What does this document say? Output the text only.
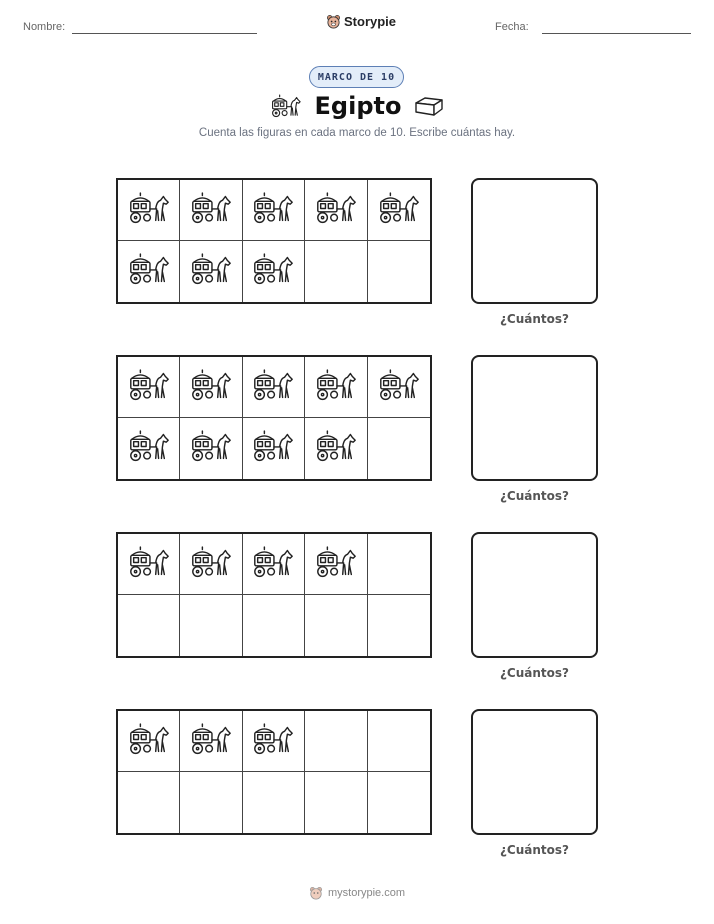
Nombre:	Storypie	Fecha:
MARCO DE 10
Egipto
Cuenta las figuras en cada marco de 10. Escribe cuántas hay.
¿Cuántos?
¿Cuántos?
¿Cuántos?
¿Cuántos?
mystorypie.com
